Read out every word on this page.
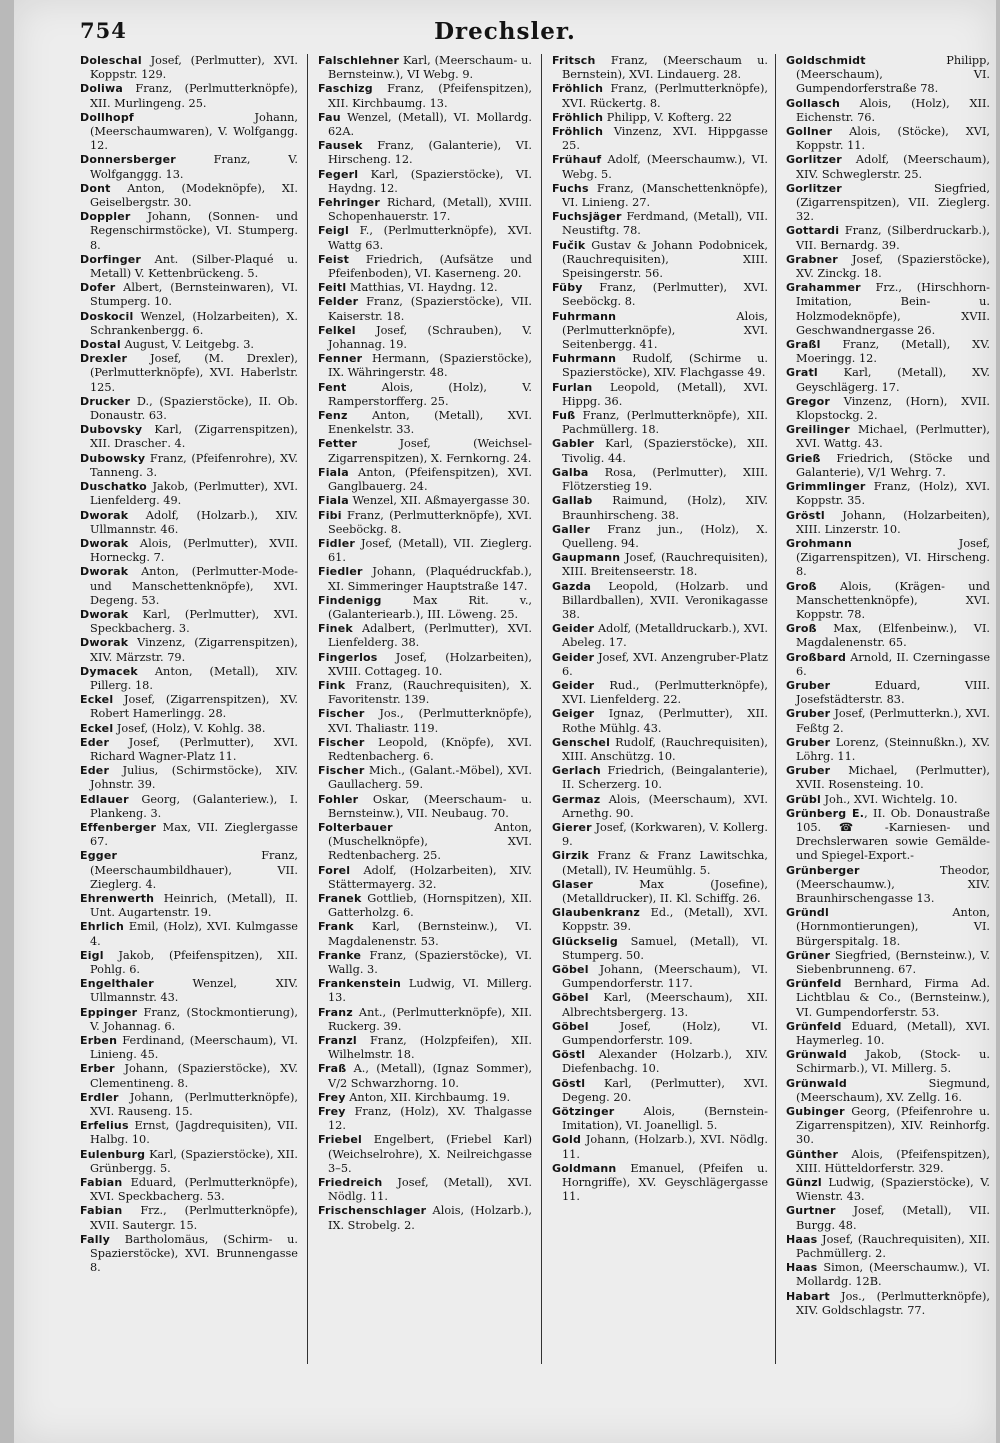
754	Drechsler.

Doleschal Josef, (Perlmutter), XVI. Koppstr. 129.

Doliwa Franz, (Perlmutterknöpfe), XII. Murlingeng. 25.

Dollhopf Johann, (Meerschaumwaren), V. Wolfgangg. 12.

Donnersberger Franz, V. Wolfganggg. 13.

Dont Anton, (Modeknöpfe), XI. Geiselbergstr. 30.

Doppler Johann, (Sonnen- und Regenschirmstöcke), VI. Stumperg. 8.

Dorfinger Ant. (Silber-Plaqué u. Metall) V. Kettenbrückeng. 5.

Dofer Albert, (Bernsteinwaren), VI. Stumperg. 10.

Doskocil Wenzel, (Holzarbeiten), X. Schrankenbergg. 6.

Dostal August, V. Leitgebg. 3.

Drexler Josef, (M. Drexler), (Perlmutterknöpfe), XVI. Haberlstr. 125.

Drucker D., (Spazierstöcke), II. Ob. Donaustr. 63.

Dubovsky Karl, (Zigarrenspitzen), XII. Draschег. 4.

Dubowsky Franz, (Pfeifenrohre), XV. Tanneng. 3.

Duschatko Jakob, (Perlmutter), XVI. Lienfelderg. 49.

Dworak Adolf, (Holzarb.), XIV. Ullmannstr. 46.

Dworak Alois, (Perlmutter), XVII. Hornеckg. 7.

Dworak Anton, (Perlmutter-Mode- und Manschettenknöpfe), XVI. Degeng. 53.

Dworak Karl, (Perlmutter), XVI. Speckbacherg. 3.

Dworak Vinzenz, (Zigarrenspitzen), XIV. Märzstr. 79.

Dymacek Anton, (Metall), XIV. Pillerg. 18.

Eckel Josef, (Zigarrenspitzen), XV. Robert Hamerlingg. 28.

Eckel Josef, (Holz), V. Kohlg. 38.

Eder Josef, (Perlmutter), XVI. Richard Wagner-Platz 11.

Eder Julius, (Schirmstöcke), XIV. Johnstr. 39.

Edlauer Georg, (Galanteriew.), I. Plankeng. 3.

Effenberger Max, VII. Zieglergasse 67.

Egger Franz, (Meerschaumbildhauer), VII. Zieglerg. 4.

Ehrenwerth Heinrich, (Metall), II. Unt. Augartenstr. 19.

Ehrlich Emil, (Holz), XVI. Kulmgasse 4.

Eigl Jakob, (Pfeifenspitzen), XII. Pohlg. 6.

Engelthaler Wenzel, XIV. Ullmannstr. 43.

Eppinger Franz, (Stockmontierung), V. Johannag. 6.

Erben Ferdinand, (Meerschaum), VI. Linieng. 45.

Erber Johann, (Spazierstöcke), XV. Clementineng. 8.

Erdler Johann, (Perlmutterknöpfe), XVI. Rauseng. 15.

Erfelius Ernst, (Jagdrequisiten), VII. Halbg. 10.

Eulenburg Karl, (Spazierstöcke), XII. Grünbergg. 5.

Fabian Eduard, (Perlmutterknöpfe), XVI. Speckbacherg. 53.

Fabian Frz., (Perlmutterknöpfe), XVII. Sautergr. 15.

Fally Bartholomäus, (Schirm- u. Spazierstöcke), XVI. Brunnengasse 8.

Falschlehner Karl, (Meerschaum- u. Bernsteinw.), VI Webg. 9.

Faschizg Franz, (Pfeifenspitzen), XII. Kirchbaumg. 13.

Fau Wenzel, (Metall), VI. Mollardg. 62A.

Fausek Franz, (Galanterie), VI. Hirscheng. 12.

Fegerl Karl, (Spazierstöcke), VI. Haydng. 12.

Fehringer Richard, (Metall), XVIII. Schopenhauerstr. 17.

Feigl F., (Perlmutterknöpfe), XVI. Wattg 63.

Feist Friedrich, (Aufsätze und Pfeifenboden), VI. Kaserneng. 20.

Feitl Matthias, VI. Haydng. 12.

Felder Franz, (Spazierstöcke), VII. Kaiserstr. 18.

Felkel Josef, (Schrauben), V. Johannag. 19.

Fenner Hermann, (Spazierstöcke), IX. Währingerstr. 48.

Fent Alois, (Holz), V. Ramperstorfferg. 25.

Fenz Anton, (Metall), XVI. Enenkelstr. 33.

Fetter Josef, (Weichsel-Zigarrenspitzen), X. Fernkorng. 24.

Fiala Anton, (Pfeifenspitzen), XVI. Ganglbauerg. 24.

Fiala Wenzel, XII. Aßmayergasse 30.

Fibi Franz, (Perlmutterknöpfe), XVI. Seeböckg. 8.

Fidler Josef, (Metall), VII. Zieglerg. 61.

Fiedler Johann, (Plaquédruckfab.), XI. Simmeringer Hauptstraße 147.

Findenigg Max Rit. v., (Galanteriearb.), III. Löweng. 25.

Finek Adalbert, (Perlmutter), XVI. Lienfelderg. 38.

Fingerlos Josef, (Holzarbeiten), XVIII. Cottageg. 10.

Fink Franz, (Rauchrequisiten), X. Favoritenstr. 139.

Fischer Jos., (Perlmutterknöpfe), XVI. Thaliastr. 119.

Fischer Leopold, (Knöpfe), XVI. Redtenbacherg. 6.

Fischer Mich., (Galant.-Möbel), XVI. Gaullacherg. 59.

Fohler Oskar, (Meerschaum- u. Bernsteinw.), VII. Neubaug. 70.

Folterbauer Anton, (Muschelknöpfe), XVI. Redtenbacherg. 25.

Forel Adolf, (Holzarbeiten), XIV. Stättermayerg. 32.

Franek Gottlieb, (Hornspitzen), XII. Gatterholzg. 6.

Frank Karl, (Bernsteinw.), VI. Magdalenenstr. 53.

Franke Franz, (Spazierstöcke), VI. Wallg. 3.

Frankenstein Ludwig, VI. Millerg. 13.

Franz Ant., (Perlmutterknöpfe), XII. Ruckerg. 39.

Franzl Franz, (Holzpfeifen), XII. Wilhelmstr. 18.

Fraß A., (Metall), (Ignaz Sommer), V/2 Schwarzhorng. 10.

Frey Anton, XII. Kirchbaumg. 19.

Frey Franz, (Holz), XV. Thalgasse 12.

Friebel Engelbert, (Friebel Karl) (Weichselrohre), X. Neilreichgasse 3–5.

Friedreich Josef, (Metall), XVI. Nödlg. 11.

Frischenschlager Alois, (Holzarb.), IX. Strobelg. 2.

Fritsch Franz, (Meerschaum u. Bernstein), XVI. Lindauerg. 28.

Fröhlich Franz, (Perlmutterknöpfe), XVI. Rückertg. 8.

Fröhlich Philipp, V. Kofterg. 22

Fröhlich Vinzenz, XVI. Hippgasse 25.

Frühauf Adolf, (Meerschaumw.), VI. Webg. 5.

Fuchs Franz, (Manschettenknöpfe), VI. Linieng. 27.

Fuchsjäger Ferdmand, (Metall), VII. Neustiftg. 78.

Fučik Gustav & Johann Podobnicek, (Rauchrequisiten), XIII. Speisingerstr. 56.

Füby Franz, (Perlmutter), XVI. Seeböckg. 8.

Fuhrmann Alois, (Perlmutterknöpfe), XVI. Seitenbergg. 41.

Fuhrmann Rudolf, (Schirme u. Spazierstöcke), XIV. Flachgasse 49.

Furlan Leopold, (Metall), XVI. Hippg. 36.

Fuß Franz, (Perlmutterknöpfe), XII. Pachmüllerg. 18.

Gabler Karl, (Spazierstöcke), XII. Tivolig. 44.

Galba Rosa, (Perlmutter), XIII. Flötzerstieg 19.

Gallab Raimund, (Holz), XIV. Braunhirscheng. 38.

Galler Franz jun., (Holz), X. Quelleng. 94.

Gaupmann Josef, (Rauchrequisiten), XIII. Breitenseerstr. 18.

Gazda Leopold, (Holzarb. und Billardballen), XVII. Veronikagasse 38.

Geider Adolf, (Metalldruckarb.), XVI. Abelеg. 17.

Geider Josef, XVI. Anzengruber-Platz 6.

Geider Rud., (Perlmutterknöpfe), XVI. Lienfelderg. 22.

Geiger Ignaz, (Perlmutter), XII. Rothe Mühlg. 43.

Genschel Rudolf, (Rauchrequisiten), XIII. Anschützg. 10.

Gerlach Friedrich, (Beingalanterie), II. Scherzerg. 10.

Germaz Alois, (Meerschaum), XVI. Arnethg. 90.

Gierer Josef, (Korkwaren), V. Kollerg. 9.

Girzik Franz & Franz Lawitschka, (Metall), IV. Heumühlg. 5.

Glaser Max (Josefine), (Metalldrucker), II. Kl. Schiffg. 26.

Glaubenkranz Ed., (Metall), XVI. Koppstr. 39.

Glückselig Samuel, (Metall), VI. Stumperg. 50.

Göbel Johann, (Meerschaum), VI. Gumpendorferstr. 117.

Göbel Karl, (Meerschaum), XII. Albrechtsbergerg. 13.

Göbel Josef, (Holz), VI. Gumpendorferstr. 109.

Göstl Alexander (Holzarb.), XIV. Diefenbachg. 10.

Göstl Karl, (Perlmutter), XVI. Degeng. 20.

Götzinger Alois, (Bernstein-Imitation), VI. Joanelligl. 5.

Gold Johann, (Holzarb.), XVI. Nödlg. 11.

Goldmann Emanuel, (Pfeifen u. Horngriffe), XV. Geyschlägergasse 11.

Goldschmidt Philipp, (Meerschaum), VI. Gumpendorferstraße 78.

Gollasch Alois, (Holz), XII. Eichenstr. 76.

Gollner Alois, (Stöcke), XVI, Koppstr. 11.

Gorlitzer Adolf, (Meerschaum), XIV. Schweglerstr. 25.

Gorlitzer Siegfried, (Zigarrenspitzen), VII. Zieglerg. 32.

Gottardi Franz, (Silberdruckarb.), VII. Bernardg. 39.

Grabner Josef, (Spazierstöcke), XV. Zinckg. 18.

Grahammer Frz., (Hirschhorn-Imitation, Bein- u. Holzmodeknöpfe), XVII. Geschwandnergasse 26.

Graßl Franz, (Metall), XV. Moeringg. 12.

Gratl Karl, (Metall), XV. Geyschlägerg. 17.

Gregor Vinzenz, (Horn), XVII. Klopstockg. 2.

Greilinger Michael, (Perlmutter), XVI. Wattg. 43.

Grieß Friedrich, (Stöcke und Galanterie), V/1 Wehrg. 7.

Grimmlinger Franz, (Holz), XVI. Koppstr. 35.

Gröstl Johann, (Holzarbeiten), XIII. Linzerstr. 10.

Grohmann Josef, (Zigarrenspitzen), VI. Hirscheng. 8.

Groß Alois, (Krägen- und Manschettenknöpfe), XVI. Koppstr. 78.

Groß Max, (Elfenbeinw.), VI. Magdalenenstr. 65.

Großbard Arnold, II. Czerningasse 6.

Gruber Eduard, VIII. Josefstädterstr. 83.

Gruber Josef, (Perlmutterkn.), XVI. Feßtg 2.

Gruber Lorenz, (Steinnußkn.), XV. Löhrg. 11.

Gruber Michael, (Perlmutter), XVII. Rosensteing. 10.

Grübl Joh., XVI. Wichtelg. 10.

Grünberg E., II. Ob. Donaustraße 105. ☎ -Karniesen- und Drechslerwaren sowie Gemälde- und Spiegel-Export.-

Grünberger Theodor, (Meerschaumw.), XIV. Braunhirschengasse 13.

Gründl Anton, (Hornmontierungen), VI. Bürgerspitalg. 18.

Grüner Siegfried, (Bernsteinw.), V. Siebenbrunneng. 67.

Grünfeld Bernhard, Firma Ad. Lichtblau & Co., (Bernsteinw.), VI. Gumpendorferstr. 53.

Grünfeld Eduard, (Metall), XVI. Haymerleg. 10.

Grünwald Jakob, (Stock- u. Schirmarb.), VI. Millerg. 5.

Grünwald Siegmund, (Meerschaum), XV. Zellg. 16.

Gubinger Georg, (Pfeifenrohre u. Zigarrenspitzen), XIV. Reinhorfg. 30.

Günther Alois, (Pfeifenspitzen), XIII. Hütteldorferstr. 329.

Günzl Ludwig, (Spazierstöcke), V. Wienstr. 43.

Gurtner Josef, (Metall), VII. Burgg. 48.

Haas Josef, (Rauchrequisiten), XII. Pachmüllerg. 2.

Haas Simon, (Meerschaumw.), VI. Mollardg. 12B.

Habart Jos., (Perlmutterknöpfe), XIV. Goldschlagstr. 77.
